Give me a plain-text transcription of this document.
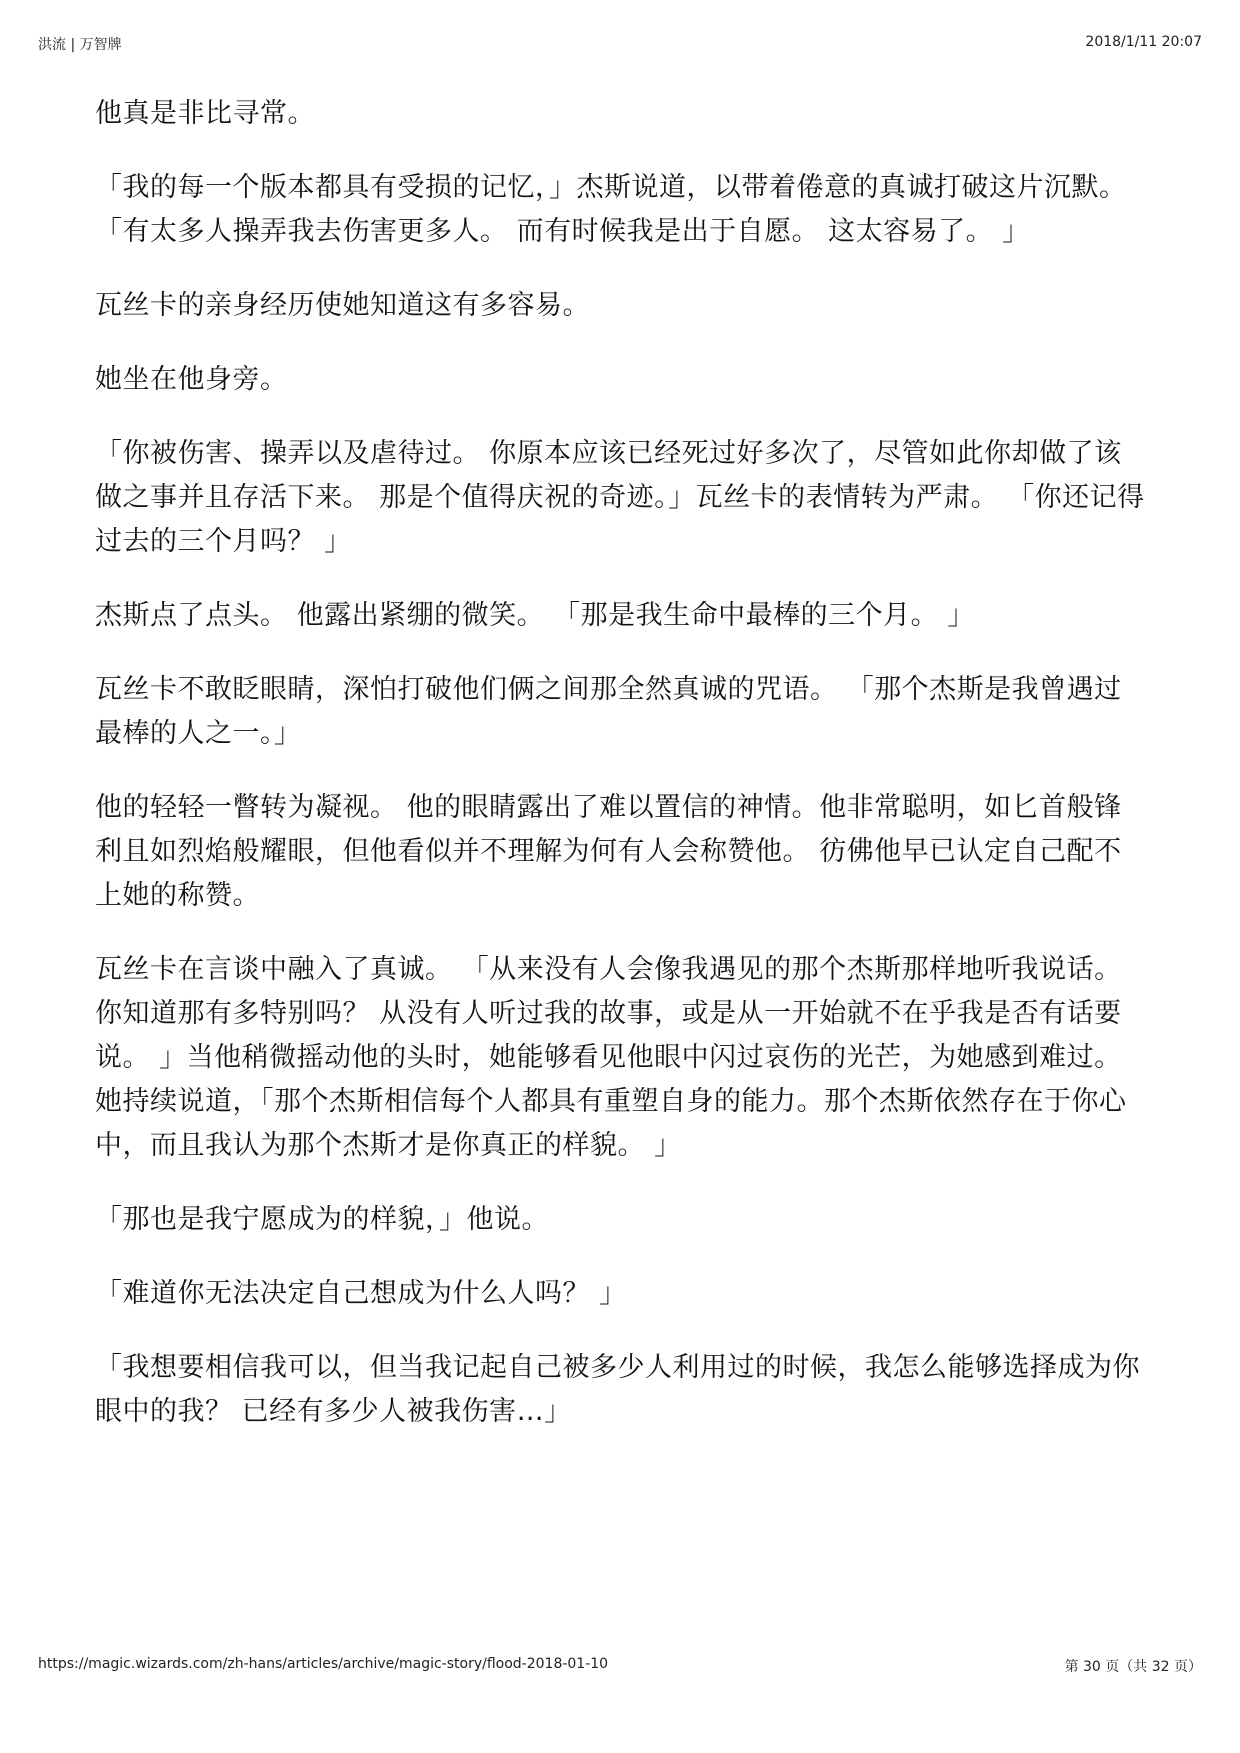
洪流 | 万智牌	2018/1/11 20:07

他真是非比寻常。

「我的每一个版本都具有受损的记忆，」杰斯说道，以带着倦意的真诚打破这片沉默。 「有太多人操弄我去伤害更多人。 而有时候我是出于自愿。 这太容易了。 」

瓦丝卡的亲身经历使她知道这有多容易。

她坐在他身旁。

「你被伤害、操弄以及虐待过。 你原本应该已经死过好多次了，尽管如此你却做了该做之事并且存活下来。 那是个值得庆祝的奇迹。」瓦丝卡的表情转为严肃。 「你还记得过去的三个月吗？ 」

杰斯点了点头。 他露出紧绷的微笑。 「那是我生命中最棒的三个月。 」

瓦丝卡不敢眨眼睛，深怕打破他们俩之间那全然真诚的咒语。 「那个杰斯是我曾遇过最棒的人之一。」

他的轻轻一瞥转为凝视。 他的眼睛露出了难以置信的神情。他非常聪明，如匕首般锋利且如烈焰般耀眼，但他看似并不理解为何有人会称赞他。 彷佛他早已认定自己配不上她的称赞。

瓦丝卡在言谈中融入了真诚。 「从来没有人会像我遇见的那个杰斯那样地听我说话。你知道那有多特别吗？ 从没有人听过我的故事，或是从一开始就不在乎我是否有话要说。 」当他稍微摇动他的头时，她能够看见他眼中闪过哀伤的光芒，为她感到难过。 她持续说道，「那个杰斯相信每个人都具有重塑自身的能力。那个杰斯依然存在于你心中，而且我认为那个杰斯才是你真正的样貌。 」

「那也是我宁愿成为的样貌，」他说。

「难道你无法决定自己想成为什么人吗？ 」

「我想要相信我可以，但当我记起自己被多少人利用过的时候，我怎么能够选择成为你眼中的我？ 已经有多少人被我伤害…」

https://magic.wizards.com/zh-hans/articles/archive/magic-story/flood-2018-01-10	第 30 页（共 32 页）
